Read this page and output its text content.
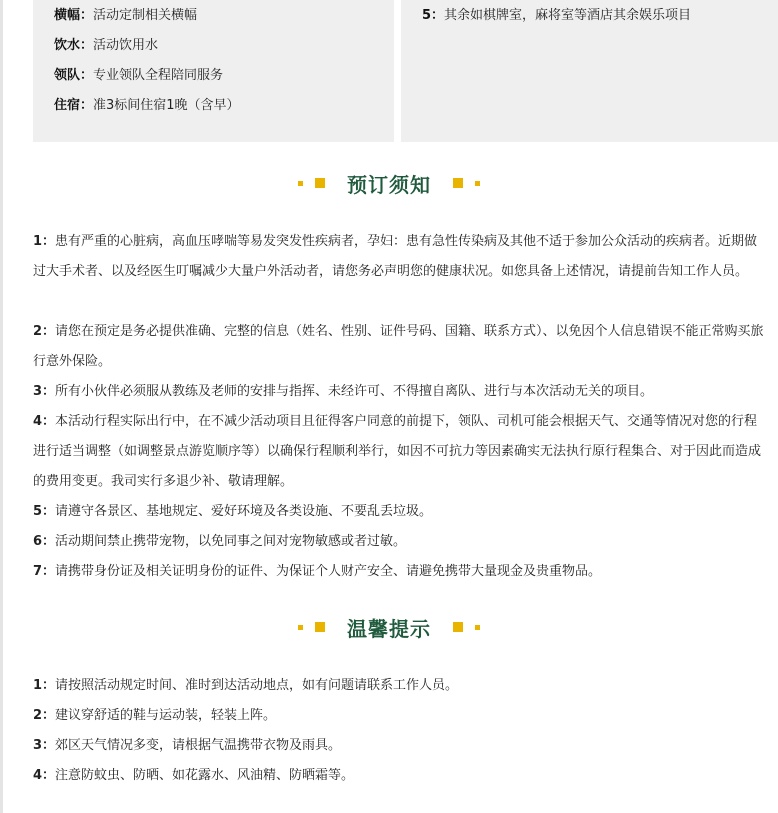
横幅：活动定制相关横幅
饮水：活动饮用水
领队：专业领队全程陪同服务
住宿：准3标间住宿1晚（含早）
5：其余如棋牌室，麻将室等酒店其余娱乐项目
预订须知
1：患有严重的心脏病，高血压哮喘等易发突发性疾病者，孕妇：患有急性传染病及其他不适于参加公众活动的疾病者。近期做过大手术者、以及经医生叮嘱减少大量户外活动者，请您务必声明您的健康状况。如您具备上述情况，请提前告知工作人员。
2：请您在预定是务必提供准确、完整的信息（姓名、性别、证件号码、国籍、联系方式）、以免因个人信息错误不能正常购买旅行意外保险。
3：所有小伙伴必须服从教练及老师的安排与指挥、未经许可、不得擅自离队、进行与本次活动无关的项目。
4：本活动行程实际出行中，在不减少活动项目且征得客户同意的前提下，领队、司机可能会根据天气、交通等情况对您的行程进行适当调整（如调整景点游览顺序等）以确保行程顺利举行，如因不可抗力等因素确实无法执行原行程集合、对于因此而造成的费用变更。我司实行多退少补、敬请理解。
5：请遵守各景区、基地规定、爱好环境及各类设施、不要乱丢垃圾。
6：活动期间禁止携带宠物，以免同事之间对宠物敏感或者过敏。
7：请携带身份证及相关证明身份的证件、为保证个人财产安全、请避免携带大量现金及贵重物品。
温馨提示
1：请按照活动规定时间、准时到达活动地点，如有问题请联系工作人员。
2：建议穿舒适的鞋与运动装，轻装上阵。
3：郊区天气情况多变，请根据气温携带衣物及雨具。
4：注意防蚊虫、防晒、如花露水、风油精、防晒霜等。
